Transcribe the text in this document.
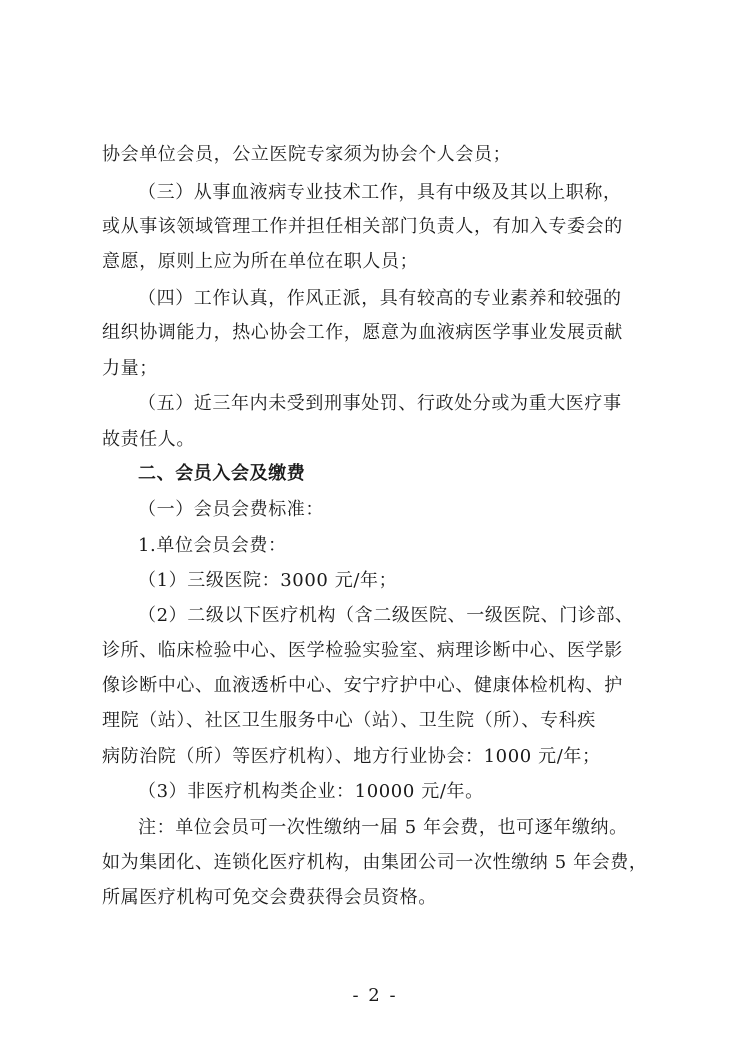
协会单位会员，公立医院专家须为协会个人会员；
（三）从事血液病专业技术工作，具有中级及其以上职称，
或从事该领域管理工作并担任相关部门负责人，有加入专委会的
意愿，原则上应为所在单位在职人员；
（四）工作认真，作风正派，具有较高的专业素养和较强的
组织协调能力，热心协会工作，愿意为血液病医学事业发展贡献
力量；
（五）近三年内未受到刑事处罚、行政处分或为重大医疗事
故责任人。
二、会员入会及缴费
（一）会员会费标准：
1.单位会员会费：
（1）三级医院：3000 元/年；
（2）二级以下医疗机构（含二级医院、一级医院、门诊部、
诊所、临床检验中心、医学检验实验室、病理诊断中心、医学影
像诊断中心、血液透析中心、安宁疗护中心、健康体检机构、护
理院（站）、社区卫生服务中心（站）、卫生院（所）、专科疾
病防治院（所）等医疗机构）、地方行业协会：1000 元/年；
（3）非医疗机构类企业：10000 元/年。
注：单位会员可一次性缴纳一届 5 年会费，也可逐年缴纳。
如为集团化、连锁化医疗机构，由集团公司一次性缴纳 5 年会费，
所属医疗机构可免交会费获得会员资格。
- 2 -
